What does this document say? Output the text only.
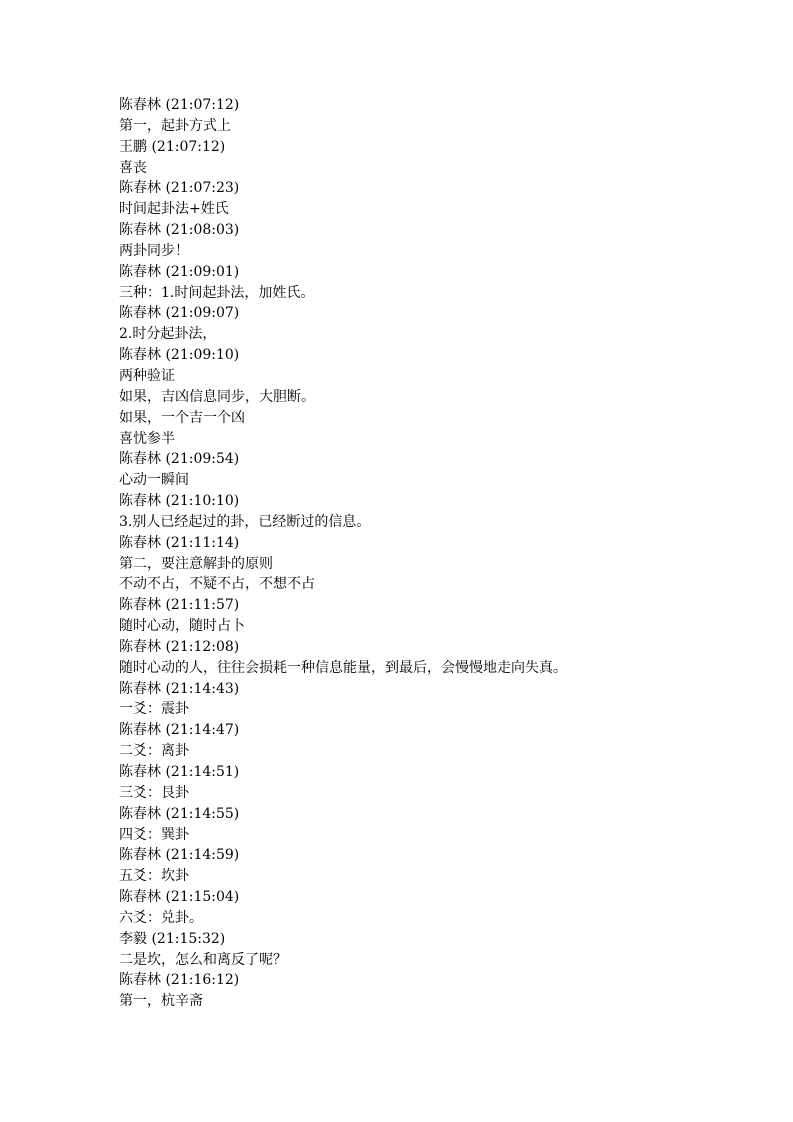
陈春林 (21:07:12)
第一，起卦方式上
王鹏 (21:07:12)
喜丧
陈春林 (21:07:23)
时间起卦法+姓氏
陈春林 (21:08:03)
两卦同步！
陈春林 (21:09:01)
三种：1.时间起卦法，加姓氏。
陈春林 (21:09:07)
2.时分起卦法，
陈春林 (21:09:10)
两种验证
如果，吉凶信息同步，大胆断。
如果，一个吉一个凶
喜忧参半
陈春林 (21:09:54)
心动一瞬间
陈春林 (21:10:10)
3.别人已经起过的卦，已经断过的信息。
陈春林 (21:11:14)
第二，要注意解卦的原则
不动不占，不疑不占，不想不占
陈春林 (21:11:57)
随时心动，随时占卜
陈春林 (21:12:08)
随时心动的人，往往会损耗一种信息能量，到最后，会慢慢地走向失真。
陈春林 (21:14:43)
一爻：震卦
陈春林 (21:14:47)
二爻：离卦
陈春林 (21:14:51)
三爻：艮卦
陈春林 (21:14:55)
四爻：巽卦
陈春林 (21:14:59)
五爻：坎卦
陈春林 (21:15:04)
六爻：兑卦。
李毅 (21:15:32)
二是坎，怎么和离反了呢？
陈春林 (21:16:12)
第一，杭辛斋
